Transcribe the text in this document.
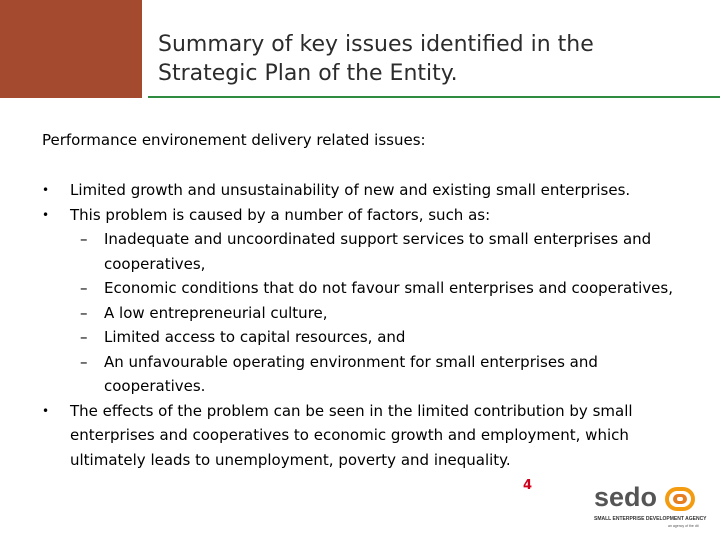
Summary of key issues identified in the Strategic Plan of the Entity.
Performance environement delivery related issues:
•	Limited growth and unsustainability of new and existing small enterprises.
•	This problem is caused by a number of factors, such as:
– Inadequate and uncoordinated support services to small enterprises and cooperatives,
– Economic conditions that do not favour small enterprises and cooperatives,
– A low entrepreneurial culture,
– Limited access to capital resources, and
– An unfavourable operating environment for small enterprises and cooperatives.
•	The effects of the problem can be seen in the limited contribution by small enterprises and cooperatives to economic growth and employment, which ultimately leads to unemployment, poverty and inequality.
4 sedo
SMALL ENTERPRISE DEVELOPMENT AGENCY
an agency of the dti
